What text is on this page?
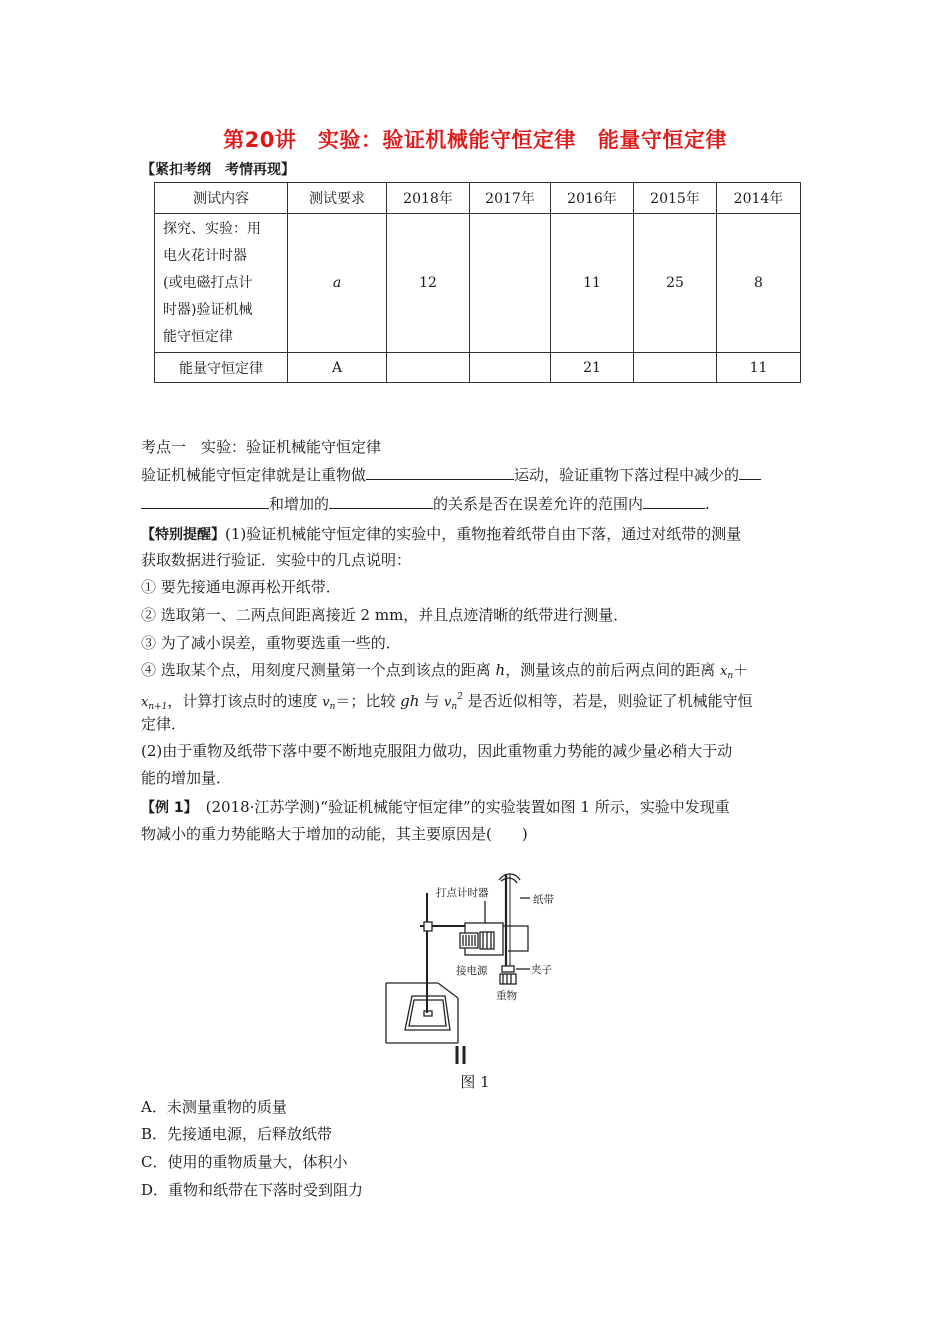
第20讲　实验：验证机械能守恒定律 能量守恒定律
【紧扣考纲　考情再现】
测试内容	测试要求	2018年	2017年	2016年	2015年	2014年

探究、实验：用
电火花计时器
(或电磁打点计
时器)验证机械
能守恒定律	a	12		11	25	8
能量守恒定律	A			21		11
考点一　实验：验证机械能守恒定律
验证机械能守恒定律就是让重物做	运动，验证重物下落过程中减少的
和增加的	的关系是否在误差允许的范围内	.
【特别提醒】(1)验证机械能守恒定律的实验中，重物拖着纸带自由下落，通过对纸带的测量
获取数据进行验证．实验中的几点说明：
① 要先接通电源再松开纸带．
② 选取第一、二两点间距离接近 2 mm，并且点迹清晰的纸带进行测量．
③ 为了减小误差，重物要选重一些的．
④ 选取某个点，用刻度尺测量第一个点到该点的距离 h，测量该点的前后两点间的距离 $x_n+$
$x_{n+1}$，计算打该点时的速度 $v_n=$；比较 gh 与 $v_n^2$ 是否近似相等，若是，则验证了机械能守恒
定律．
(2)由于重物及纸带下落中要不断地克服阻力做功，因此重物重力势能的减少量必稍大于动
能的增加量．
【例 1】　(2018·江苏学测)“验证机械能守恒定律”的实验装置如图 1 所示，实验中发现重
物减小的重力势能略大于增加的动能，其主要原因是(　　)
打点计时器
纸带
接电源	夹子
重物
图 1
A．未测量重物的质量
B．先接通电源，后释放纸带
C．使用的重物质量大，体积小
D．重物和纸带在下落时受到阻力
